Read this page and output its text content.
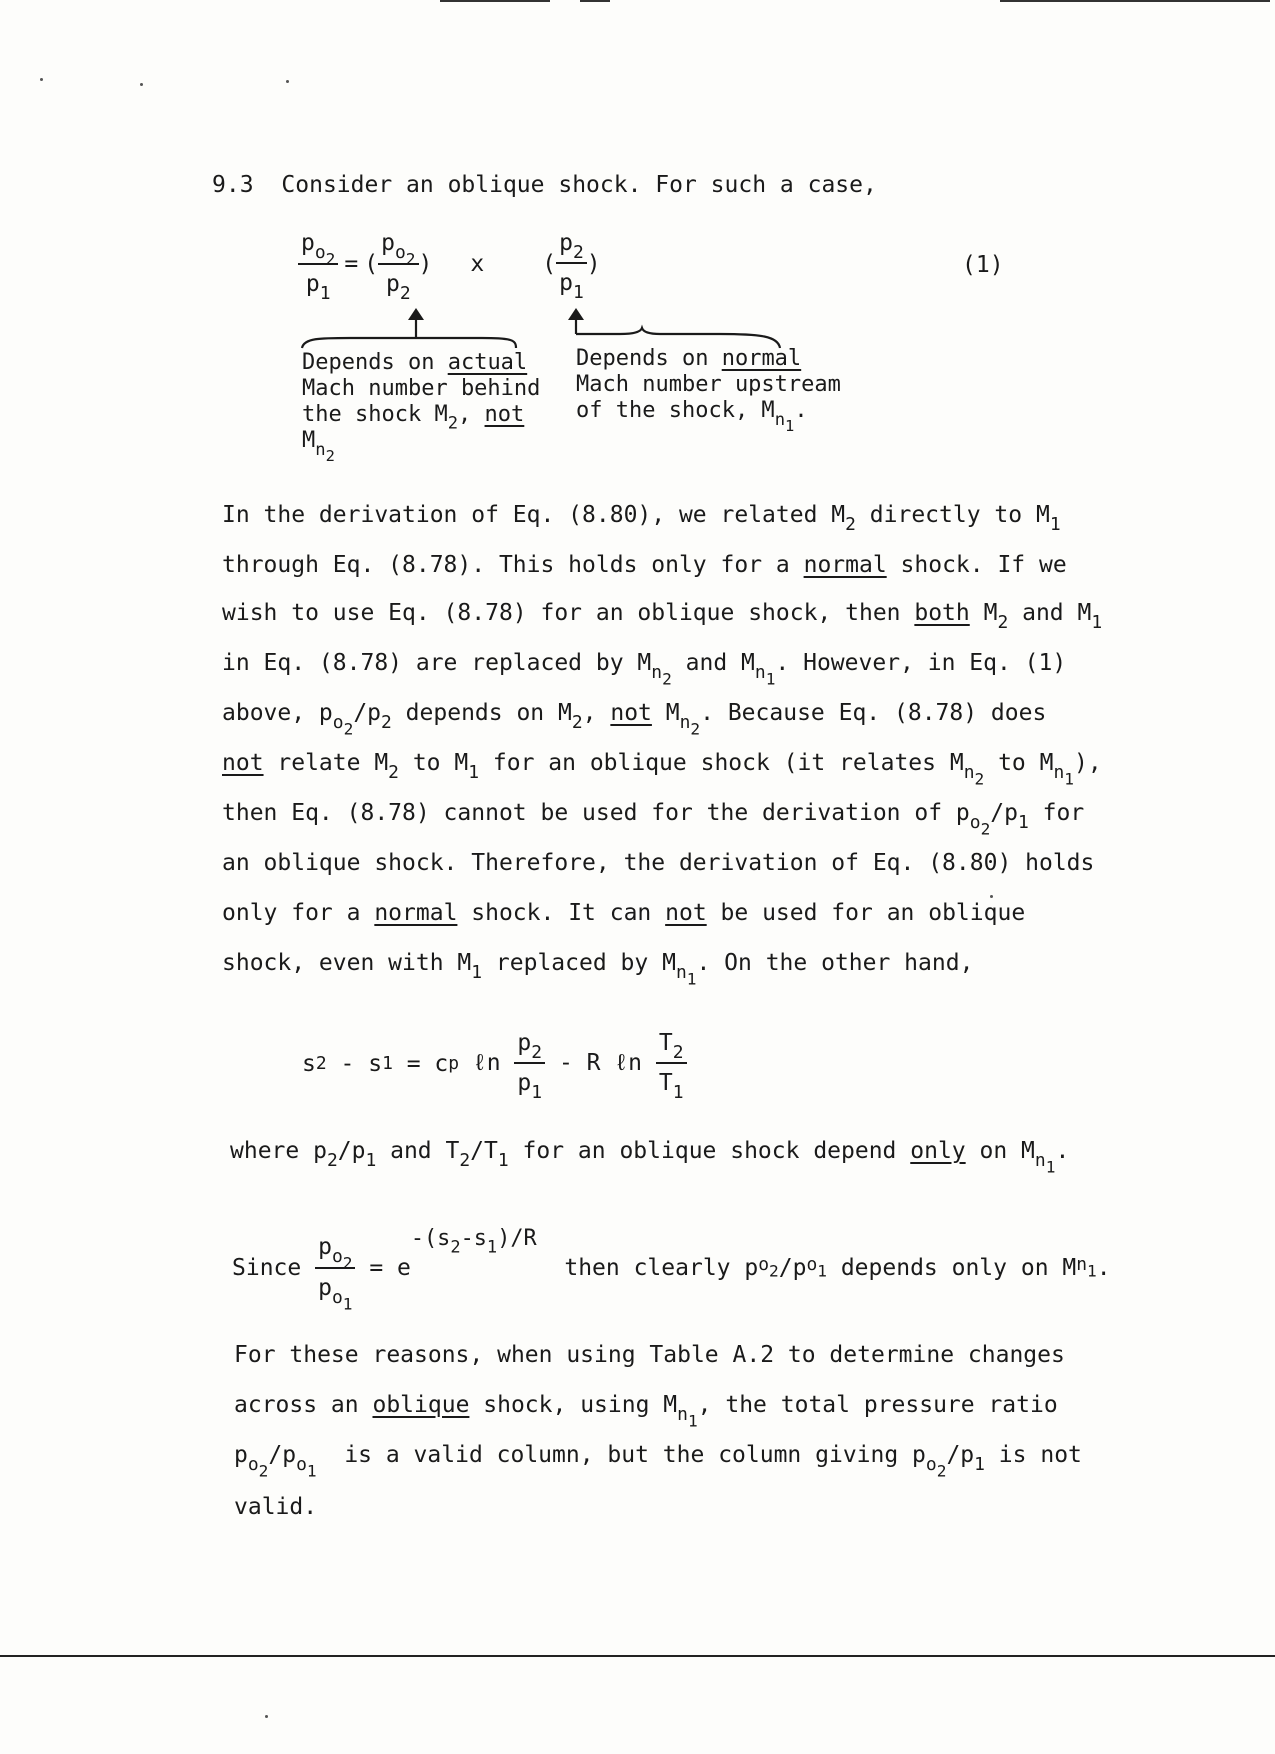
9.3 Consider an oblique shock. For such a case,
$\frac{p_{o_2}}{p_1}$ = ( $\frac{p_{o_2}}{p_2}$ ) x	( $\frac{p_2}{p_1}$ )	(1)
Depends on actual
Mach number behind
the shock $M_2$, not
$M_{n_2}$
Depends on normal
Mach number upstream
of the shock, $M_{n_1}$.
In the derivation of Eq. (8.80), we related $M_2$ directly to $M_1$
through Eq. (8.78). This holds only for a normal shock. If we
wish to use Eq. (8.78) for an oblique shock, then both $M_2$ and $M_1$
in Eq. (8.78) are replaced by $M_{n_2}$ and $M_{n_1}$. However, in Eq. (1)
above, $p_{o_2}/p_2$ depends on $M_2$, not $M_{n_2}$. Because Eq. (8.78) does
not relate $M_2$ to $M_1$ for an oblique shock (it relates $M_{n_2}$ to $M_{n_1}$),
then Eq. (8.78) cannot be used for the derivation of $p_{o_2}/p_1$ for
an oblique shock. Therefore, the derivation of Eq. (8.80) holds
only for a normal shock. It can not be used for an oblique
shock, even with $M_1$ replaced by $M_{n_1}$. On the other hand,
s 2 - s 1 = c p ℓn $\frac{p_2}{p_1}$ - R ℓn $\frac{T_2}{T_1}$
where $p_2/p_1$ and $T_2/T_1$ for an oblique shock depend only on $M_{n_1}$.
Since $\frac{p_{o_2}}{p_{o_1}} = e$
$-(s_2-s_1)/R$
then clearly p $o_2$ /p $o_1$ depends only on M $n_1$ .
For these reasons, when using Table A.2 to determine changes
across an oblique shock, using $M_{n_1}$, the total pressure ratio
$p_{o_2}/p_{o_1}$  is a valid column, but the column giving $p_{o_2}/p_1$ is not
valid.
